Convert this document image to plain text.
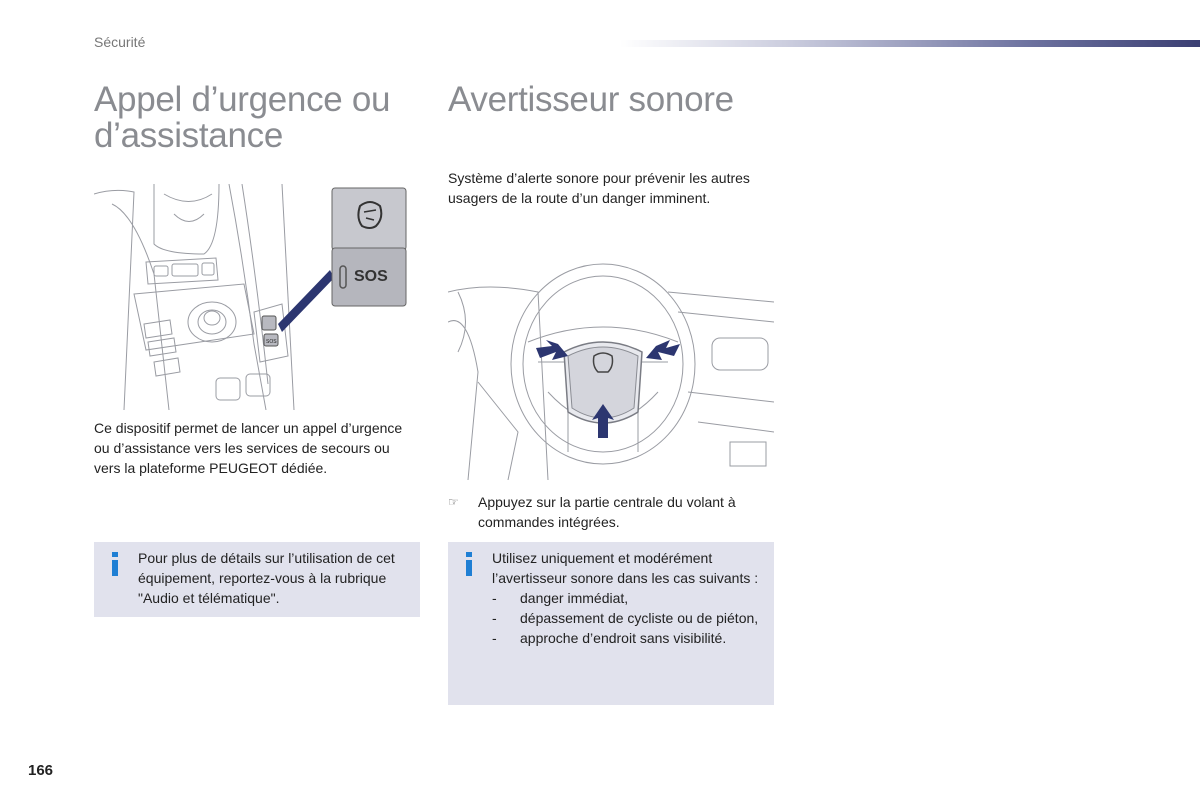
Sécurité
Appel d’urgence ou d’assistance
Avertisseur sonore
SOS
SOS

Ce dispositif permet de lancer un appel d’urgence ou d’assistance vers les services de secours ou vers la plateforme PEUGEOT dédiée.

Pour plus de détails sur l’utilisation de cet équipement, reportez-vous à la rubrique "Audio et télématique".

Système d’alerte sonore pour prévenir les autres usagers de la route d’un danger imminent.

☞	Appuyez sur la partie centrale du volant à commandes intégrées.

Utilisez uniquement et modérément l’avertisseur sonore dans les cas suivants :

- danger immédiat,
- dépassement de cycliste ou de piéton,
- approche d’endroit sans visibilité.
166
